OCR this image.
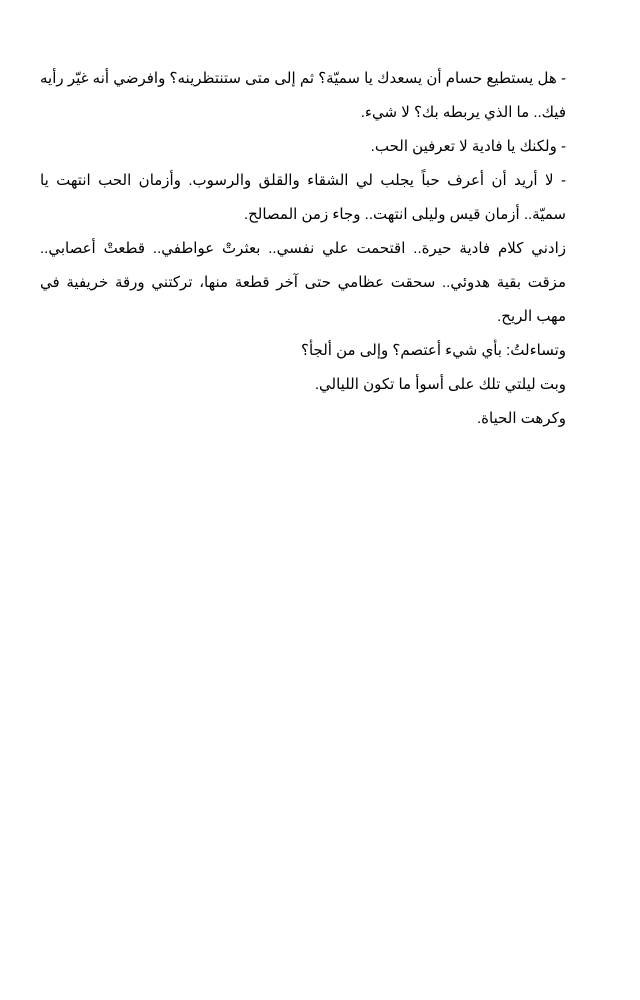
- هل يستطيع حسام أن يسعدك يا سميّة؟ ثم إلى متى ستنتظرينه؟ وافرضي أنه غيّر رأيه فيك.. ما الذي يربطه بك؟ لا شيء.

- ولكنك يا فادية لا تعرفين الحب.

- لا أريد أن أعرف حباً يجلب لي الشقاء والقلق والرسوب. وأزمان الحب انتهت يا سميّة.. أزمان قيس وليلى انتهت.. وجاء زمن المصالح.

زادني كلام فادية حيرة.. اقتحمت علي نفسي.. بعثرتْ عواطفي.. قطعتْ أعصابي.. مزقت بقية هدوئي.. سحقت عظامي حتى آخر قطعة منها، تركتني ورقة خريفية في مهب الريح.

وتساءلتُ: بأي شيء أعتصم؟ وإلى من ألجأ؟

وبت ليلتي تلك على أسوأ ما تكون الليالي.

وكرهت الحياة.
